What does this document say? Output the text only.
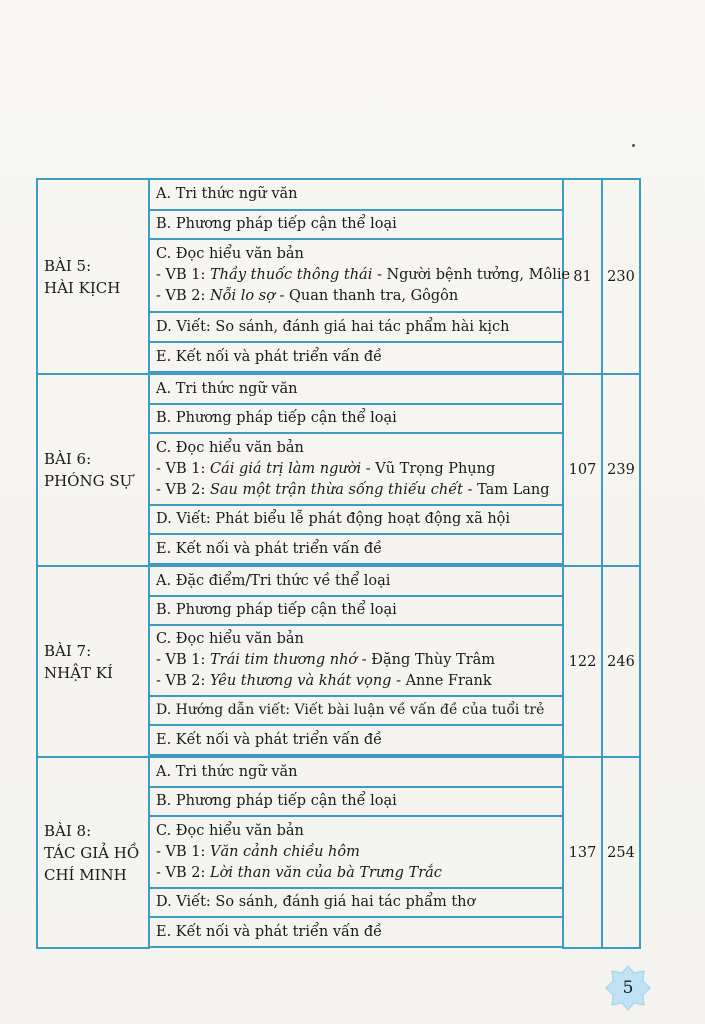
BÀI 5:
HÀI KỊCH	A. Tri thức ngữ văn	81	230
	B. Phương pháp tiếp cận thể loại		

	C. Đọc hiểu văn bản
- VB 1: Thầy thuốc thông thái - Người bệnh tưởng, Môlie
- VB 2: Nỗi lo sợ - Quan thanh tra, Gôgôn		

	D. Viết: So sánh, đánh giá hai tác phẩm hài kịch		
	E. Kết nối và phát triển vấn đề		

BÀI 6:
PHÓNG SỰ	A. Tri thức ngữ văn	107	239
	B. Phương pháp tiếp cận thể loại		

	C. Đọc hiểu văn bản
- VB 1: Cái giá trị làm người - Vũ Trọng Phụng
- VB 2: Sau một trận thừa sống thiếu chết - Tam Lang		

	D. Viết: Phát biểu lễ phát động hoạt động xã hội		
	E. Kết nối và phát triển vấn đề		

BÀI 7:
NHẬT KÍ	A. Đặc điểm/Tri thức về thể loại	122	246
	B. Phương pháp tiếp cận thể loại		

	C. Đọc hiểu văn bản
- VB 1: Trái tim thương nhớ - Đặng Thùy Trâm
- VB 2: Yêu thương và khát vọng - Anne Frank		

	D. Hướng dẫn viết: Viết bài luận về vấn đề của tuổi trẻ		
	E. Kết nối và phát triển vấn đề		

BÀI 8:
TÁC GIẢ HỒ
CHÍ MINH	A. Tri thức ngữ văn	137	254
	B. Phương pháp tiếp cận thể loại		

	C. Đọc hiểu văn bản
- VB 1: Văn cảnh chiều hôm
- VB 2: Lời than văn của bà Trưng Trắc		

	D. Viết: So sánh, đánh giá hai tác phẩm thơ		
	E. Kết nối và phát triển vấn đề		

5
